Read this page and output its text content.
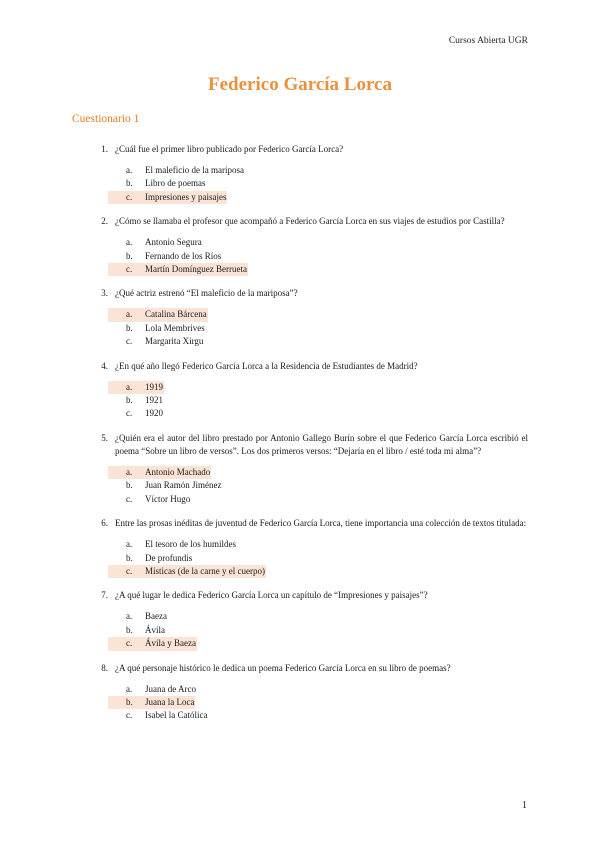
Cursos Abierta UGR
Federico García Lorca
Cuestionario 1
1. ¿Cuál fue el primer libro publicado por Federico García Lorca?
a.	El maleficio de la mariposa
b.	Libro de poemas
c.	Impresiones y paisajes
2. ¿Cómo se llamaba el profesor que acompañó a Federico García Lorca en sus viajes de estudios por Castilla?
a.	Antonio Segura
b.	Fernando de los Ríos
c.	Martín Domínguez Berrueta
3. ¿Qué actriz estrenó “El maleficio de la mariposa”?
a.	Catalina Bárcena
b.	Lola Membrives
c.	Margarita Xirgu
4. ¿En qué año llegó Federico García Lorca a la Residencia de Estudiantes de Madrid?
a.	1919
b.	1921
c.	1920
5. ¿Quién era el autor del libro prestado por Antonio Gallego Burín sobre el que Federico García Lorca escribió el poema “Sobre un libro de versos”. Los dos primeros versos: “Dejaría en el libro / esté toda mi alma”?
a.	Antonio Machado
b.	Juan Ramón Jiménez
c.	Víctor Hugo
6. Entre las prosas inéditas de juventud de Federico García Lorca, tiene importancia una colección de textos titulada:
a.	El tesoro de los humildes
b.	De profundis
c.	Místicas (de la carne y el cuerpo)
7. ¿A qué lugar le dedica Federico García Lorca un capítulo de “Impresiones y paisajes”?
a.	Baeza
b.	Ávila
c.	Ávila y Baeza
8. ¿A qué personaje histórico le dedica un poema Federico García Lorca en su libro de poemas?
a.	Juana de Arco
b.	Juana la Loca
c.	Isabel la Católica
1
